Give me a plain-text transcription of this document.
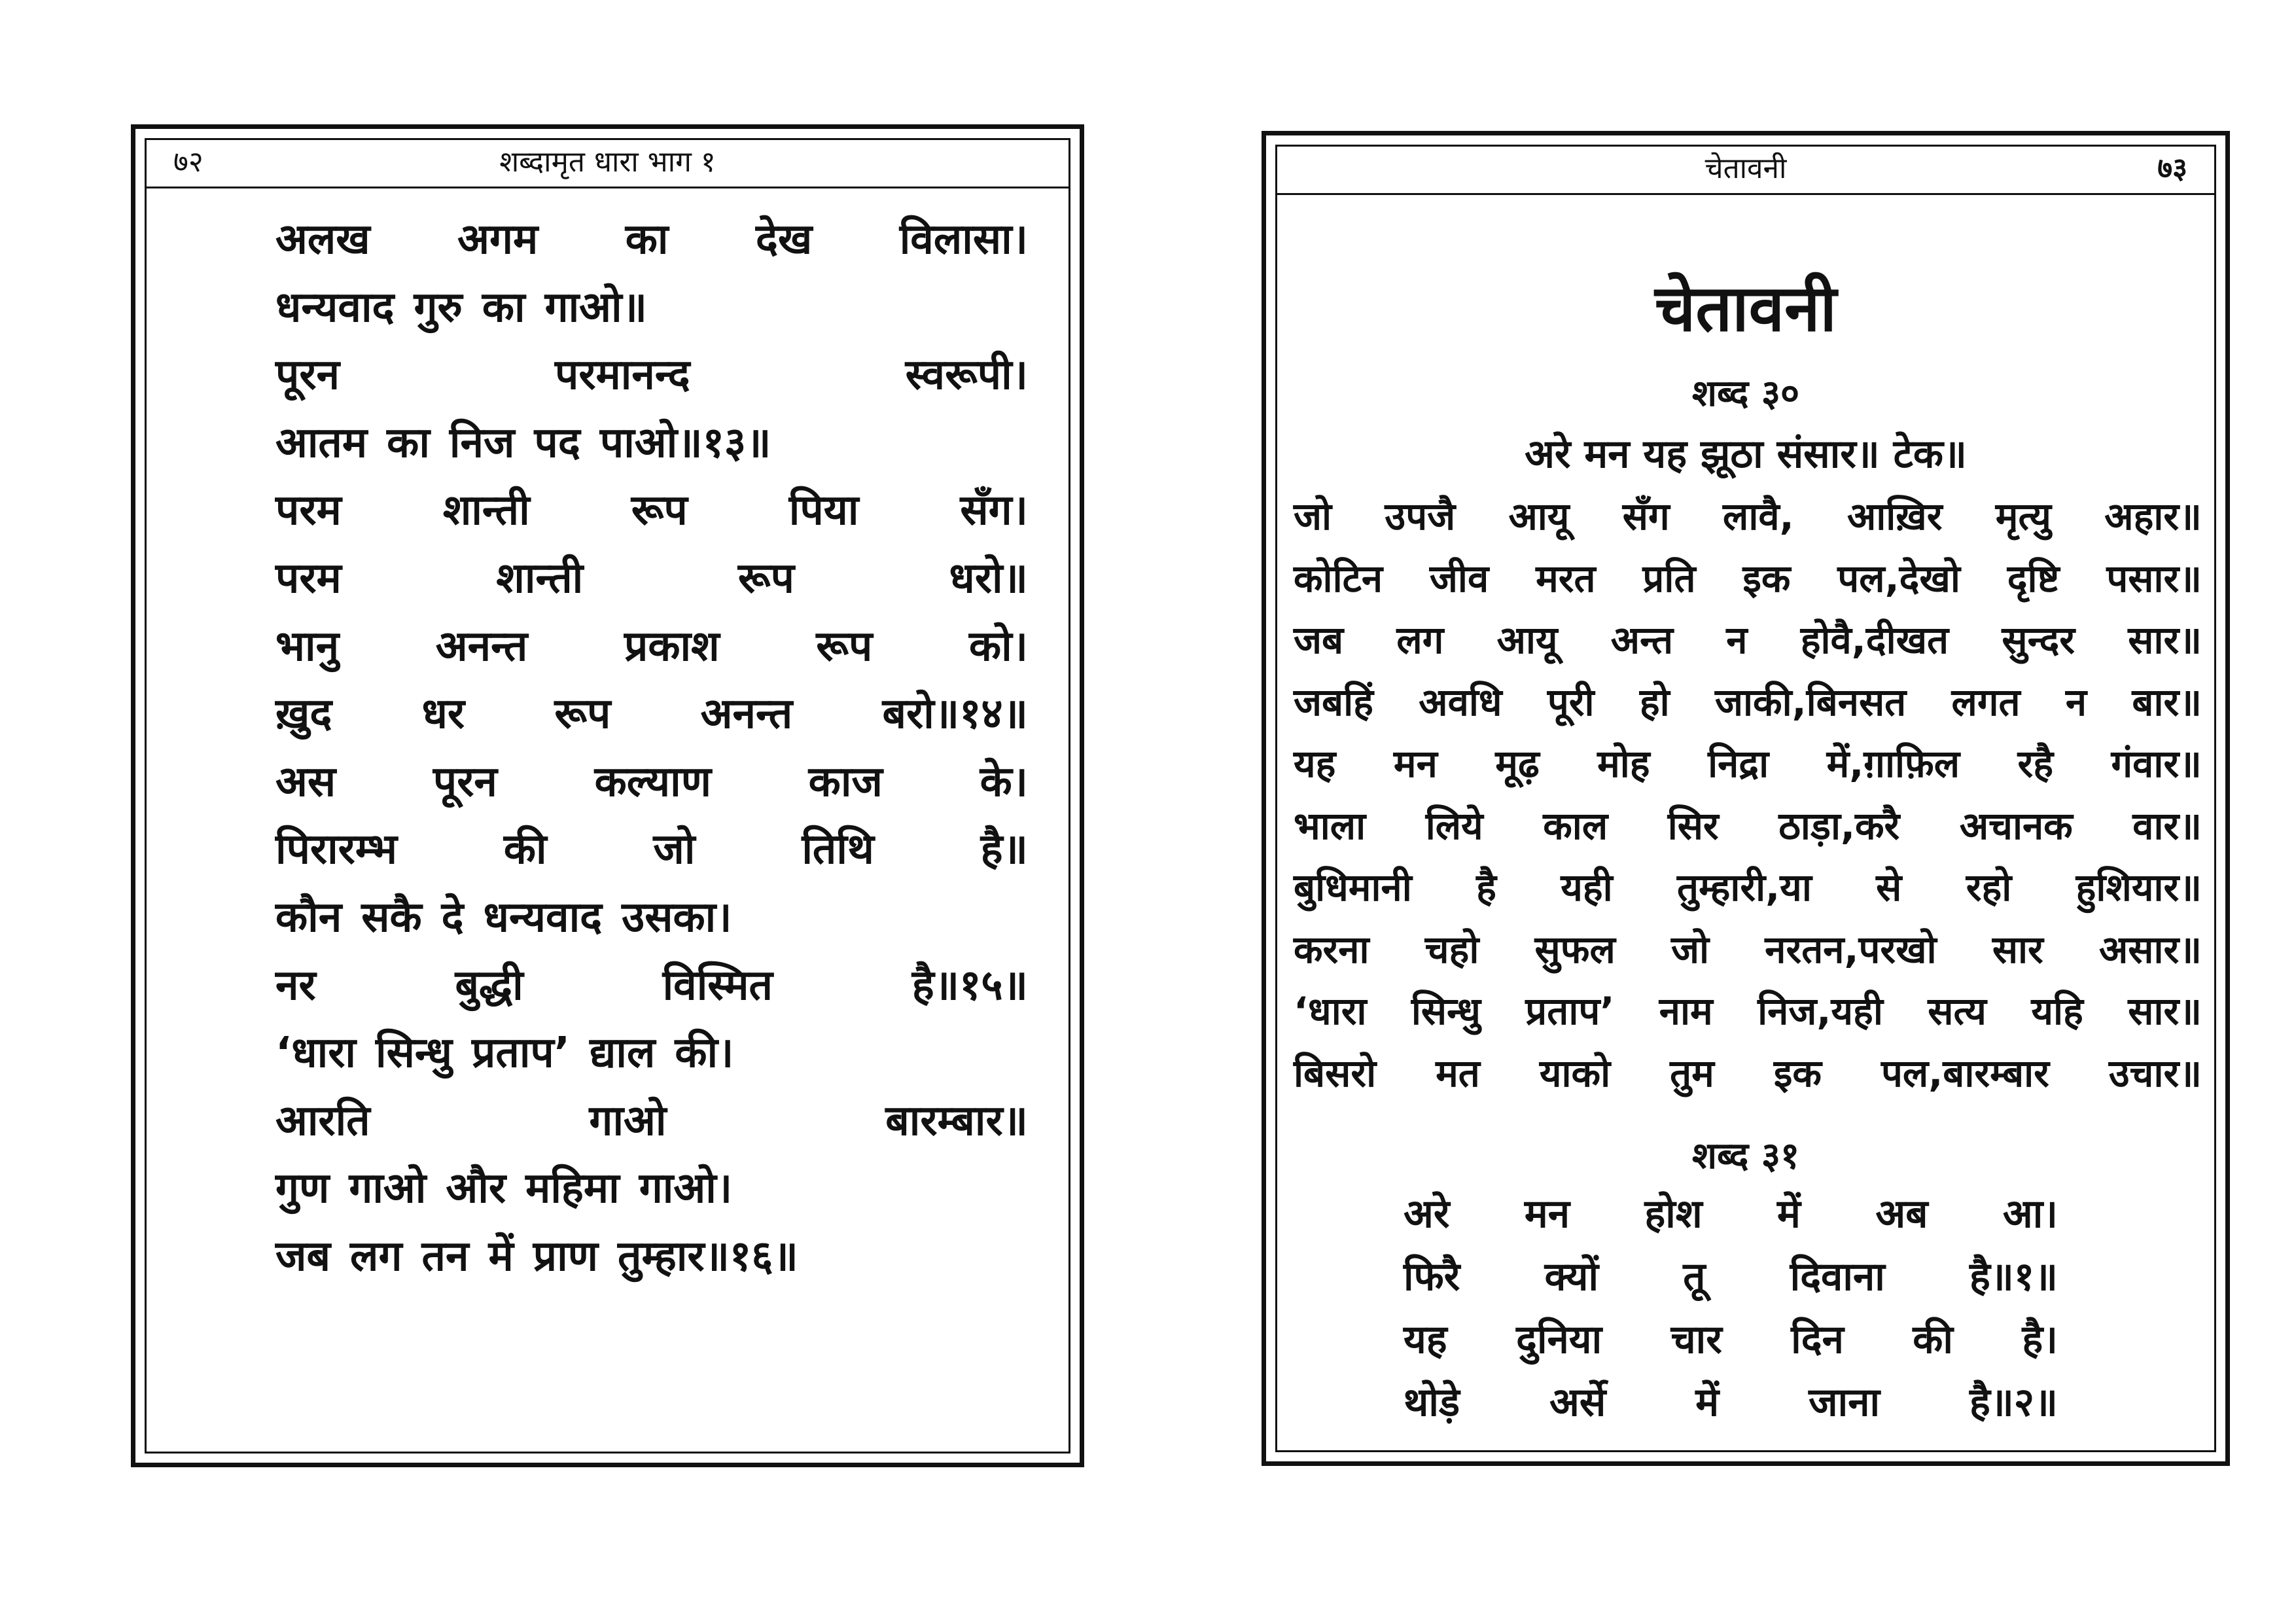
७२	शब्दामृत धारा भाग १
अलख अगम का देख विलासा।
धन्यवाद गुरु का गाओ॥
पूरन	परमानन्द	स्वरूपी।
आतम का निज पद पाओ॥१३॥
परम शान्ती रूप पिया सँग।
परम	शान्ती	रूप	धरो॥
भानु अनन्त प्रकाश रूप को।
ख़ुद धर रूप अनन्त बरो॥१४॥
अस पूरन कल्याण काज के।
पिरारम्भ	की	जो	तिथि	है॥
कौन सकै दे धन्यवाद उसका।
नर	बुद्धी	विस्मित	है॥१५॥
‘धारा सिन्धु प्रताप’ द्याल की।
आरति	गाओ	बारम्बार॥
गुण गाओ और महिमा गाओ।
जब लग तन में प्राण तुम्हार॥१६॥
चेतावनी	७३
चेतावनी
शब्द ३०
अरे मन यह झूठा संसार॥ टेक॥
जो उपजै आयू सँग लावै, आख़िर मृत्यु अहार॥
कोटिन जीव मरत प्रति इक पल,देखो दृष्टि पसार॥
जब लग आयू अन्त न होवै,दीखत सुन्दर सार॥
जबहिं अवधि पूरी हो जाकी,बिनसत लगत न बार॥
यह मन मूढ़ मोह निद्रा में,ग़ाफ़िल रहै गंवार॥
भाला लिये काल सिर ठाड़ा,करै अचानक वार॥
बुधिमानी है यही तुम्हारी,या से रहो हुशियार॥
करना चहो सुफल जो नरतन,परखो सार असार॥
‘धारा सिन्धु प्रताप’ नाम निज,यही सत्य यहि सार॥
बिसरो मत याको तुम इक पल,बारम्बार उचार॥
शब्द ३१
अरे मन होश में अब आ।
फिरै क्यों तू दिवाना है॥१॥
यह दुनिया चार दिन की है।
थोड़े अर्से में जाना है॥२॥
